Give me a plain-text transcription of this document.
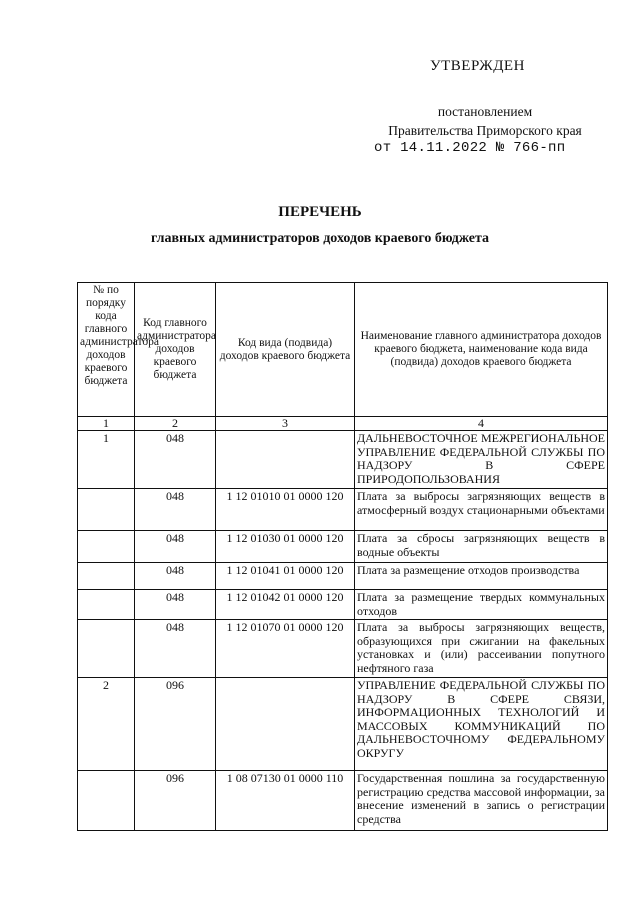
УТВЕРЖДЕН
постановлением
Правительства Приморского края
от 14.11.2022 № 766-пп
ПЕРЕЧЕНЬ
главных администраторов доходов краевого бюджета
№ по порядку кода главного администратора доходов краевого бюджета	Код главного администратора доходов краевого бюджета	Код вида (подвида) доходов краевого бюджета	Наименование главного администратора доходов краевого бюджета, наименование кода вида (подвида) доходов краевого бюджета
1	2	3	4
1	048		ДАЛЬНЕВОСТОЧНОЕ МЕЖРЕГИОНАЛЬНОЕ УПРАВЛЕНИЕ ФЕДЕРАЛЬНОЙ СЛУЖБЫ ПО НАДЗОРУ В СФЕРЕ ПРИРОДОПОЛЬЗОВАНИЯ
	048	1 12 01010 01 0000 120	Плата за выбросы загрязняющих веществ в атмосферный воздух стационарными объектами
	048	1 12 01030 01 0000 120	Плата за сбросы загрязняющих веществ в водные объекты
	048	1 12 01041 01 0000 120	Плата за размещение отходов производства
	048	1 12 01042 01 0000 120	Плата за размещение твердых коммунальных отходов
	048	1 12 01070 01 0000 120	Плата за выбросы загрязняющих веществ, образующихся при сжигании на факельных установках и (или) рассеивании попутного нефтяного газа
2	096		УПРАВЛЕНИЕ ФЕДЕРАЛЬНОЙ СЛУЖБЫ ПО НАДЗОРУ В СФЕРЕ СВЯЗИ, ИНФОРМАЦИОННЫХ ТЕХНОЛОГИЙ И МАССОВЫХ КОММУНИКАЦИЙ ПО ДАЛЬНЕВОСТОЧНОМУ ФЕДЕРАЛЬНОМУ ОКРУГУ
	096	1 08 07130 01 0000 110	Государственная пошлина за государственную регистрацию средства массовой информации, за внесение изменений в запись о регистрации средства
